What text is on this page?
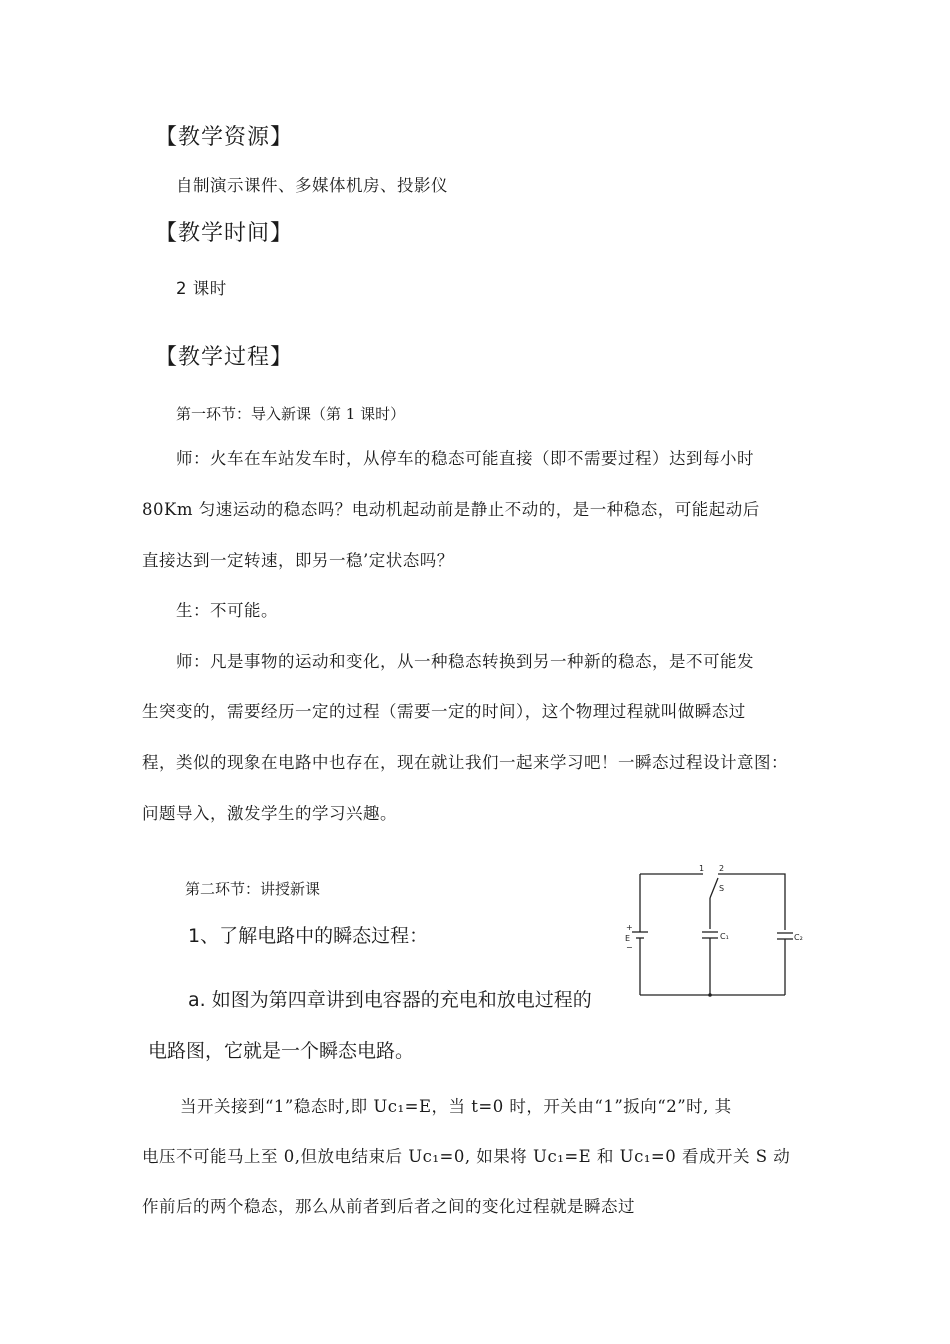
【教学资源】
自制演示课件、多媒体机房、投影仪
【教学时间】
2 课时
【教学过程】
第一环节：导入新课（第 1 课时）
师：火车在车站发车时，从停车的稳态可能直接（即不需要过程）达到每小时
80Km 匀速运动的稳态吗？电动机起动前是静止不动的，是一种稳态，可能起动后
直接达到一定转速，即另一稳’定状态吗？
生：不可能。
师：凡是事物的运动和变化，从一种稳态转换到另一种新的稳态，是不可能发
生突变的，需要经历一定的过程（需要一定的时间），这个物理过程就叫做瞬态过
程，类似的现象在电路中也存在，现在就让我们一起来学习吧！一瞬态过程设计意图：
问题导入，激发学生的学习兴趣。
第二环节：讲授新课
1、了解电路中的瞬态过程：
a. 如图为第四章讲到电容器的充电和放电过程的
电路图，它就是一个瞬态电路。
当开关接到“1”稳态时,即 Uc₁=E，当 t=0 时，开关由“1”扳向“2”时, 其
电压不可能马上至 0,但放电结束后 Uc₁=0, 如果将 Uc₁=E 和 Uc₁=0 看成开关 S 动
作前后的两个稳态，那么从前者到后者之间的变化过程就是瞬态过
1 2
S
E
+
−
C₁	C₂
